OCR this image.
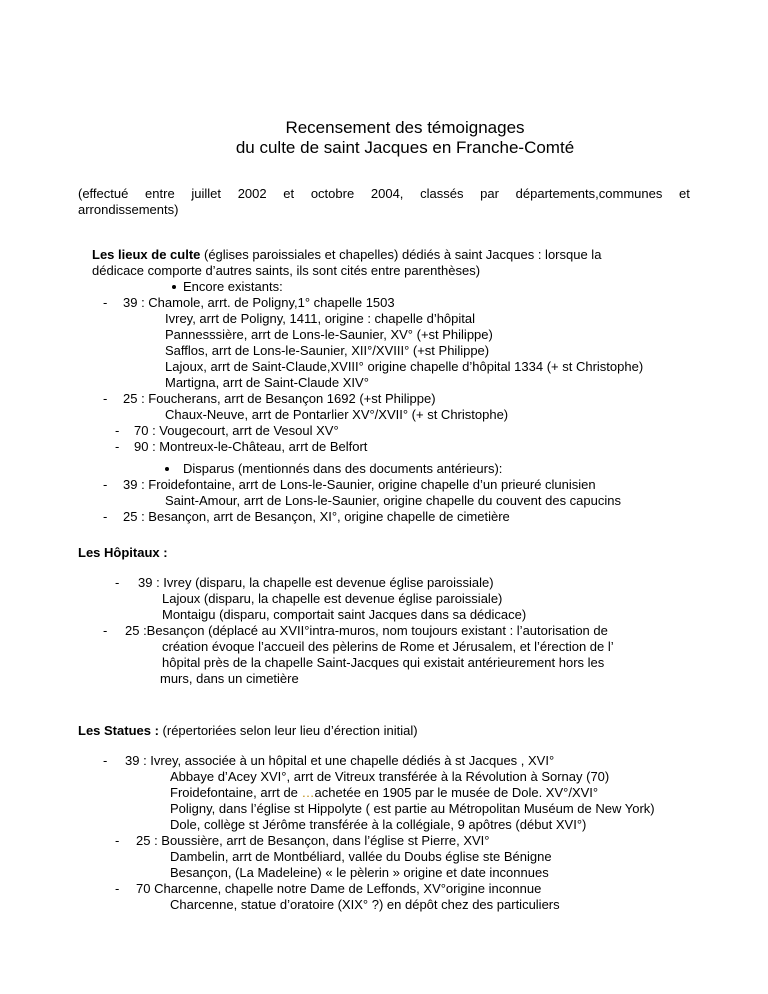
Recensement des témoignages
du culte de saint Jacques en Franche-Comté
(effectué entre juillet 2002 et octobre 2004, classés par départements,communes et
arrondissements)
Les lieux de culte (églises paroissiales et chapelles) dédiés à saint Jacques : lorsque la
dédicace comporte d’autres saints, ils sont cités entre parenthèses)
Encore existants:
- 39 : Chamole, arrt. de Poligny,1° chapelle 1503
Ivrey, arrt de Poligny, 1411, origine : chapelle d’hôpital
Pannesssière, arrt de Lons-le-Saunier, XV° (+st Philippe)
Safflos, arrt de Lons-le-Saunier, XII°/XVIII° (+st Philippe)
Lajoux, arrt de Saint-Claude,XVIII° origine chapelle d’hôpital 1334 (+ st Christophe)
Martigna, arrt de Saint-Claude XIV°
- 25 : Foucherans, arrt de Besançon 1692 (+st Philippe)
Chaux-Neuve, arrt de Pontarlier XV°/XVII° (+ st Christophe)
- 70 : Vougecourt, arrt de Vesoul XV°
- 90 : Montreux-le-Château, arrt de Belfort
Disparus (mentionnés dans des documents antérieurs):
- 39 : Froidefontaine, arrt de Lons-le-Saunier, origine chapelle d’un prieuré clunisien
Saint-Amour, arrt de Lons-le-Saunier, origine chapelle du couvent des capucins
- 25 : Besançon, arrt de Besançon, XI°, origine chapelle de cimetière
Les Hôpitaux :
- 39 : Ivrey (disparu, la chapelle est devenue église paroissiale)
Lajoux (disparu, la chapelle est devenue église paroissiale)
Montaigu (disparu, comportait saint Jacques dans sa dédicace)
- 25 :Besançon (déplacé au XVII°intra-muros, nom toujours existant : l’autorisation de
création évoque l’accueil des pèlerins de Rome et Jérusalem, et l’érection de l’
hôpital près de la chapelle Saint-Jacques qui existait antérieurement hors les
murs, dans un cimetière
Les Statues : (répertoriées selon leur lieu d’érection initial)
- 39 : Ivrey, associée à un hôpital et une chapelle dédiés à st Jacques , XVI°
Abbaye d’Acey XVI°, arrt de Vitreux transférée à la Révolution à Sornay (70)
Froidefontaine, arrt de …achetée en 1905 par le musée de Dole. XV°/XVI°
Poligny, dans l’église st Hippolyte ( est partie au Métropolitan Muséum de New York)
Dole, collège st Jérôme transférée à la collégiale, 9 apôtres (début XVI°)
- 25 : Boussière, arrt de Besançon, dans l’église st Pierre, XVI°
Dambelin, arrt de Montbéliard, vallée du Doubs église ste Bénigne
Besançon, (La Madeleine) « le pèlerin » origine et date inconnues
- 70 Charcenne, chapelle notre Dame de Leffonds, XV°origine inconnue
Charcenne, statue d’oratoire (XIX° ?) en dépôt chez des particuliers
